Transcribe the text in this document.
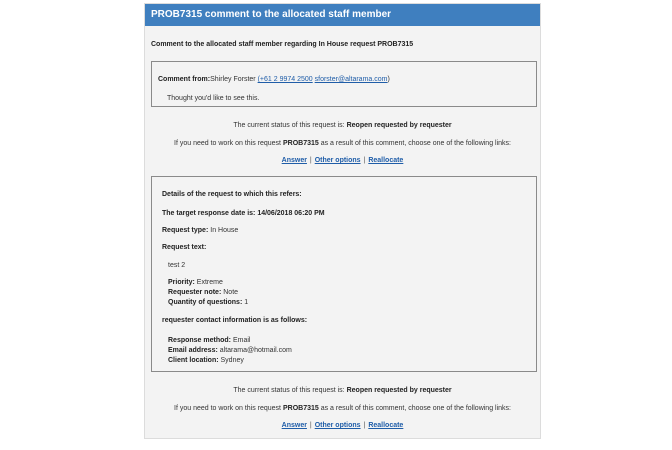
PROB7315 comment to the allocated staff member
Comment to the allocated staff member regarding In House request PROB7315
Comment from:Shirley Forster (+61 2 9974 2500 sforster@altarama.com)
Thought you'd like to see this.
The current status of this request is: Reopen requested by requester
If you need to work on this request PROB7315 as a result of this comment, choose one of the following links:
Answer | Other options | Reallocate
Details of the request to which this refers:
The target response date is: 14/06/2018 06:20 PM
Request type: In House
Request text:
test 2
Priority: Extreme
Requester note: Note
Quantity of questions: 1
requester contact information is as follows:
Response method: Email
Email address: altarama@hotmail.com
Client location: Sydney
The current status of this request is: Reopen requested by requester
If you need to work on this request PROB7315 as a result of this comment, choose one of the following links:
Answer | Other options | Reallocate
